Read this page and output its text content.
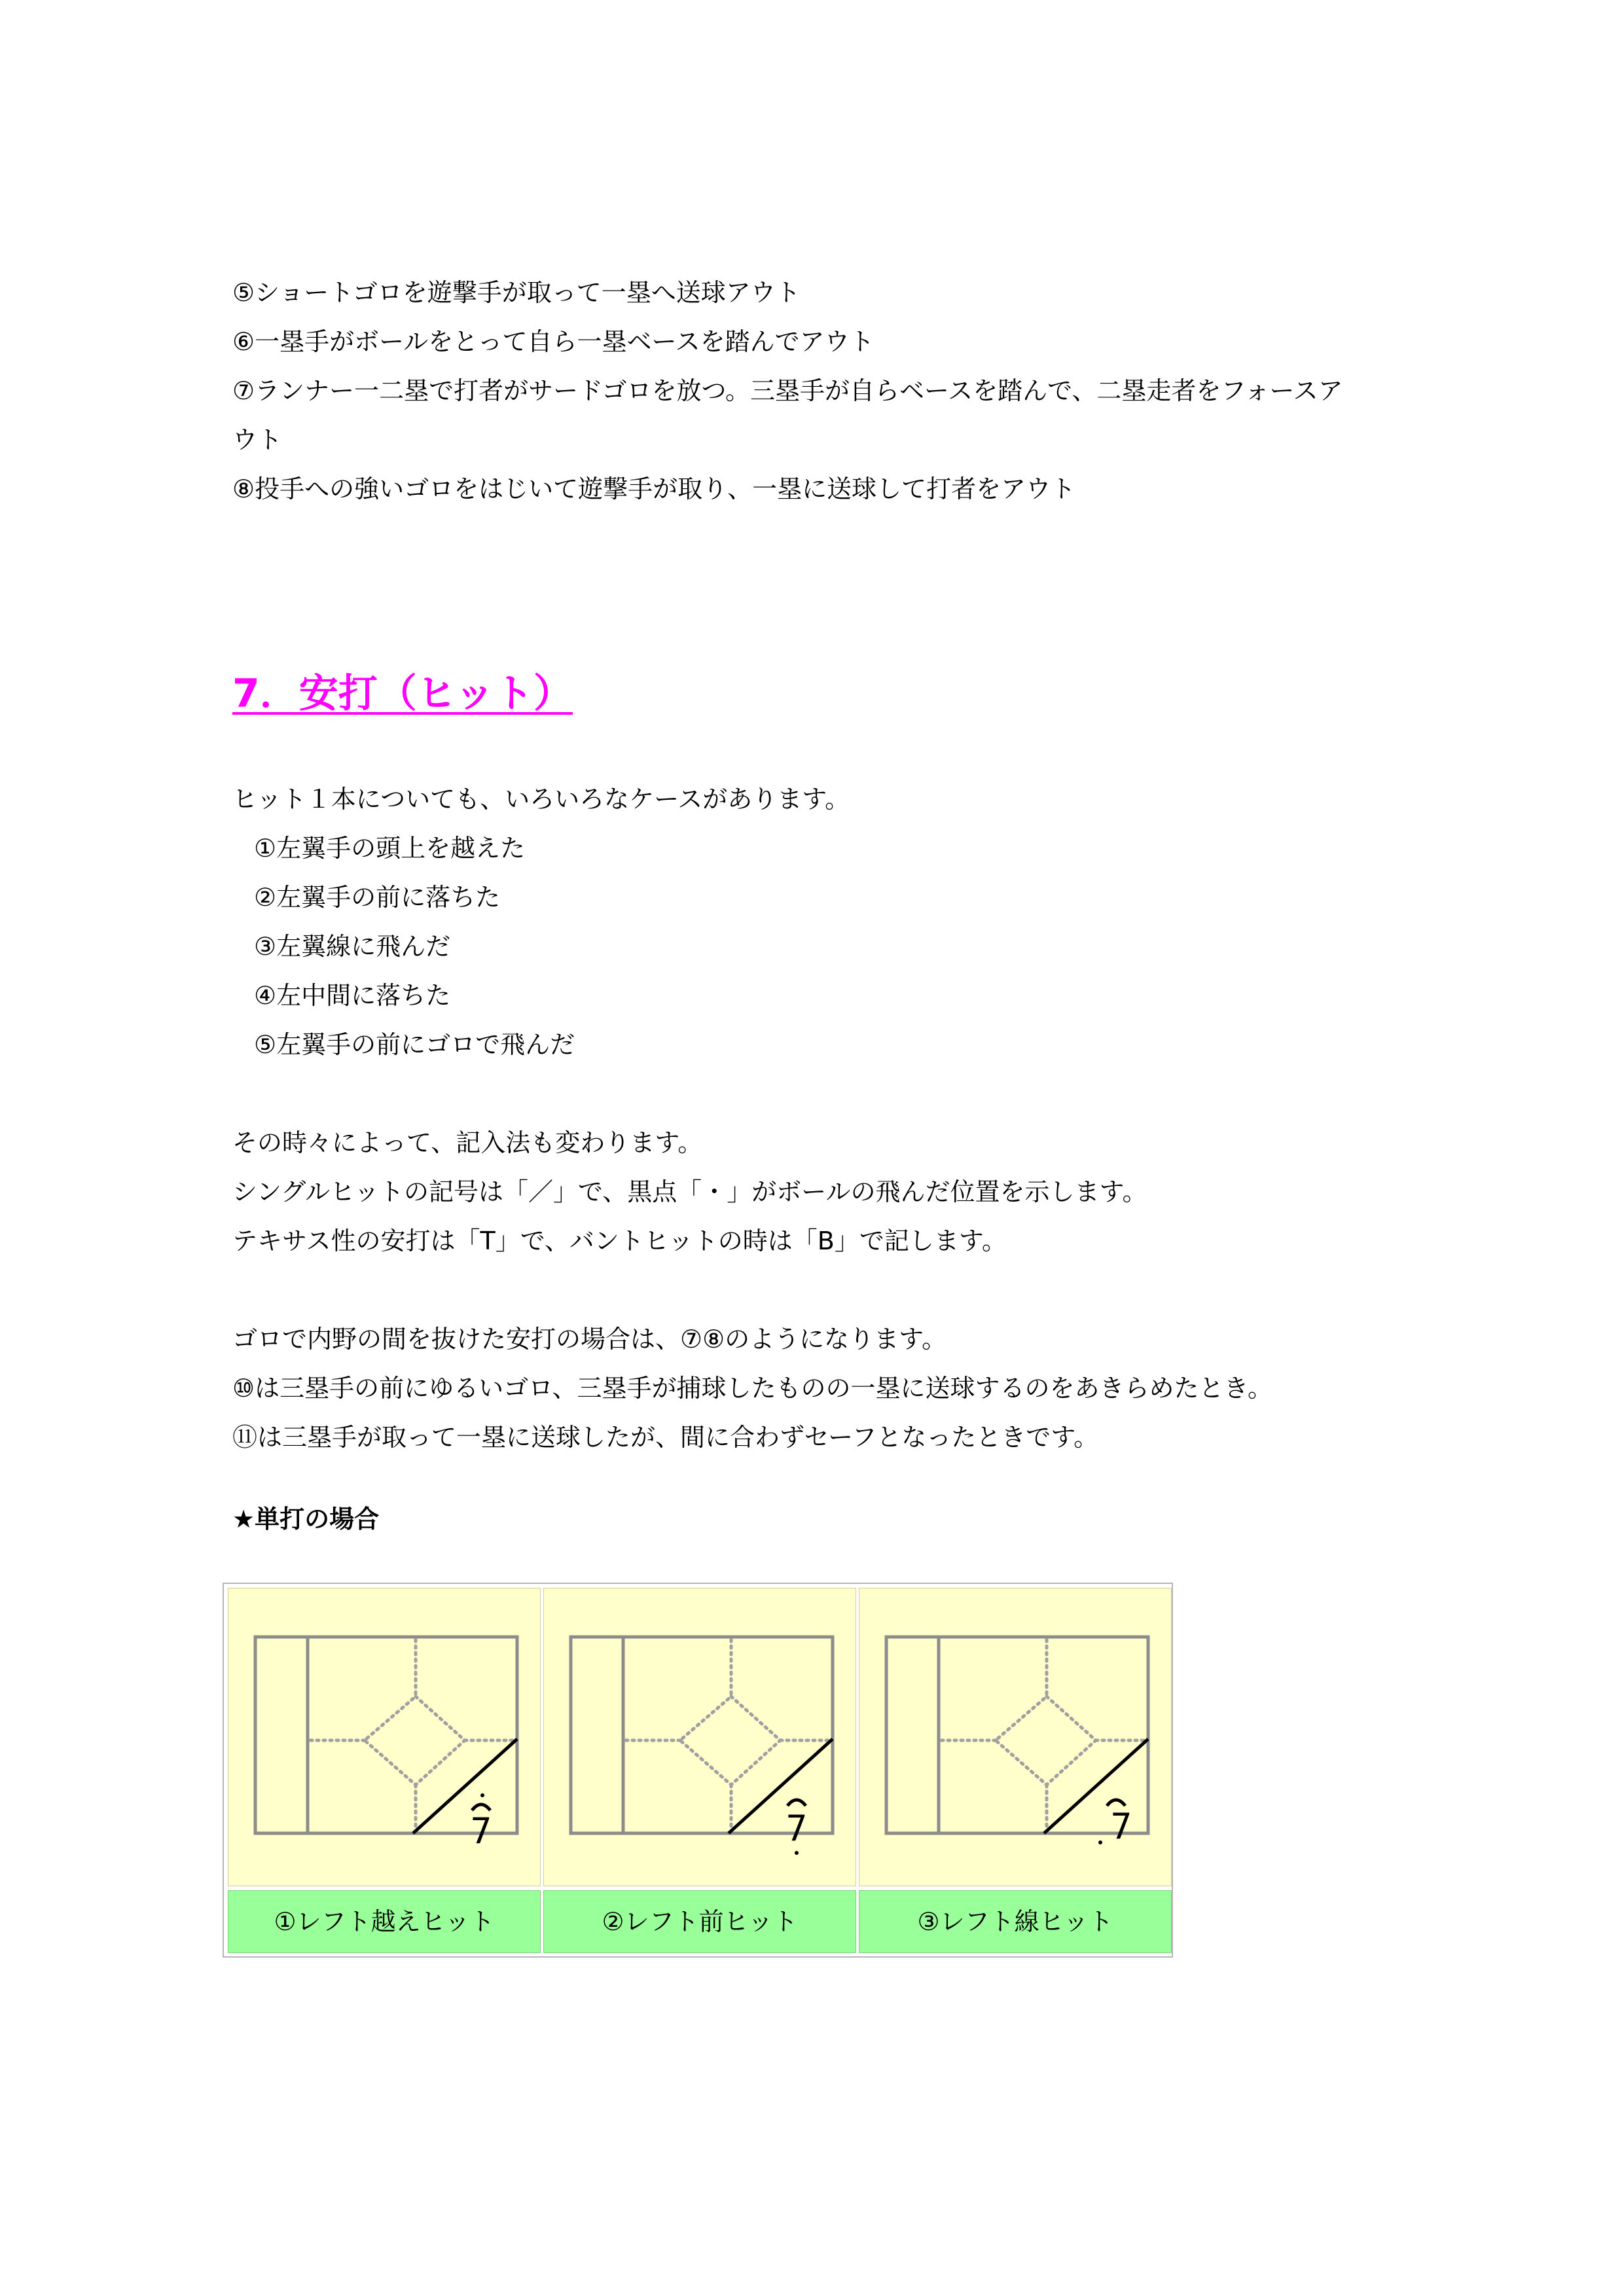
⑤ショートゴロを遊撃手が取って一塁へ送球アウト
⑥一塁手がボールをとって自ら一塁ベースを踏んでアウト
⑦ランナー一二塁で打者がサードゴロを放つ。三塁手が自らベースを踏んで、二塁走者をフォースア
ウト
⑧投手への強いゴロをはじいて遊撃手が取り、一塁に送球して打者をアウト
7．安打（ヒット）
ヒット１本についても、いろいろなケースがあります。
①左翼手の頭上を越えた
②左翼手の前に落ちた
③左翼線に飛んだ
④左中間に落ちた
⑤左翼手の前にゴロで飛んだ
その時々によって、記入法も変わります。
シングルヒットの記号は「／」で、黒点「・」がボールの飛んだ位置を示します。
テキサス性の安打は「T」で、バントヒットの時は「B」で記します。
ゴロで内野の間を抜けた安打の場合は、⑦⑧のようになります。
⑩は三塁手の前にゆるいゴロ、三塁手が捕球したものの一塁に送球するのをあきらめたとき。
⑪は三塁手が取って一塁に送球したが、間に合わずセーフとなったときです。
★単打の場合
7
①レフト越えヒット
7
②レフト前ヒット
7
③レフト線ヒット
